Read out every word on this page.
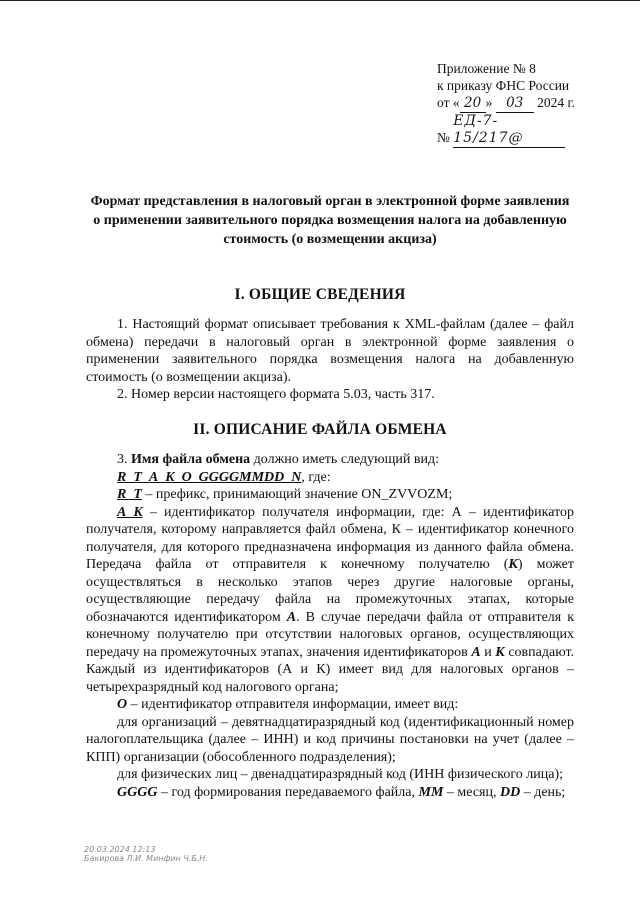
Приложение № 8
к приказу ФНС России
от « 20 » 03 2024 г.
№ ЕД-7-15/217@
Формат представления в налоговый орган в электронной форме заявления о применении заявительного порядка возмещения налога на добавленную стоимость (о возмещении акциза)
I. ОБЩИЕ СВЕДЕНИЯ

1. Настоящий формат описывает требования к XML-файлам (далее – файл обмена) передачи в налоговый орган в электронной форме заявления о применении заявительного порядка возмещения налога на добавленную стоимость (о возмещении акциза).

2. Номер версии настоящего формата 5.03, часть 317.

II. ОПИСАНИЕ ФАЙЛА ОБМЕНА

3. Имя файла обмена должно иметь следующий вид:

R_T_A_K_O_GGGGMMDD_N, где:

R_T – префикс, принимающий значение ON_ZVVOZM;

A_K – идентификатор получателя информации, где: А – идентификатор получателя, которому направляется файл обмена, К – идентификатор конечного получателя, для которого предназначена информация из данного файла обмена. Передача файла от отправителя к конечному получателю (К) может осуществляться в несколько этапов через другие налоговые органы, осуществляющие передачу файла на промежуточных этапах, которые обозначаются идентификатором А. В случае передачи файла от отправителя к конечному получателю при отсутствии налоговых органов, осуществляющих передачу на промежуточных этапах, значения идентификаторов А и К совпадают. Каждый из идентификаторов (А и К) имеет вид для налоговых органов – четырехразрядный код налогового органа;

О – идентификатор отправителя информации, имеет вид:

для организаций – девятнадцатиразрядный код (идентификационный номер налогоплательщика (далее – ИНН) и код причины постановки на учет (далее – КПП) организации (обособленного подразделения);

для физических лиц – двенадцатиразрядный код (ИНН физического лица);

GGGG – год формирования передаваемого файла, ММ – месяц, DD – день;

20.03.2024 12:13
Бакирова Л.И. Минфин Ч.Б.Н.
